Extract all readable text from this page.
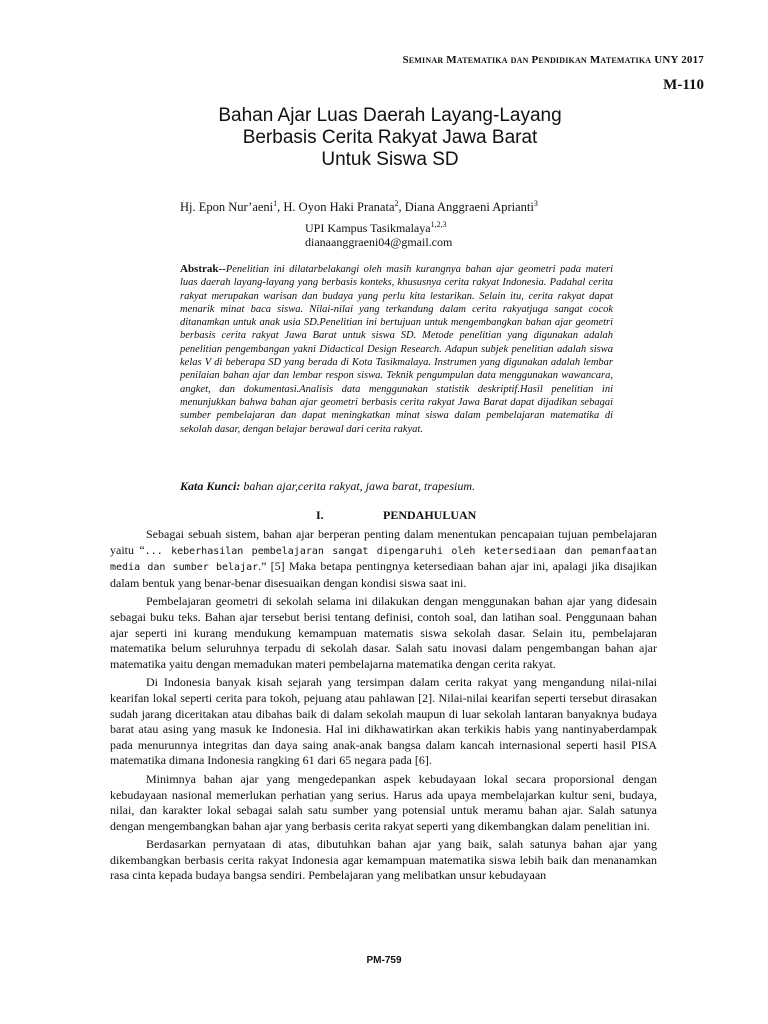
Seminar Matematika dan Pendidikan Matematika UNY 2017
M-110
Bahan Ajar Luas Daerah Layang-Layang
Berbasis Cerita Rakyat Jawa Barat
Untuk Siswa SD
Hj. Epon Nur’aeni$^1$, H. Oyon Haki Pranata$^2$, Diana Anggraeni Aprianti$^3$
UPI Kampus Tasikmalaya$^{1,2,3}$
dianaanggraeni04@gmail.com
Abstrak--Penelitian ini dilatarbelakangi oleh masih kurangnya bahan ajar geometri pada materi luas daerah layang-layang yang berbasis konteks, khususnya cerita rakyat Indonesia. Padahal cerita rakyat merupakan warisan dan budaya yang perlu kita lestarikan. Selain itu, cerita rakyat dapat menarik minat baca siswa. Nilai-nilai yang terkandung dalam cerita rakyatjuga sangat cocok ditanamkan untuk anak usia SD.Penelitian ini bertujuan untuk mengembangkan bahan ajar geometri berbasis cerita rakyat Jawa Barat untuk siswa SD. Metode penelitian yang digunakan adalah penelitian pengembangan yakni Didactical Design Research. Adapun subjek penelitian adalah siswa kelas V di beberapa SD yang berada di Kota Tasikmalaya. Instrumen yang digunakan adalah lembar penilaian bahan ajar dan lembar respon siswa. Teknik pengumpulan data menggunakan wawancara, angket, dan dokumentasi.Analisis data menggunakan statistik deskriptif.Hasil penelitian ini menunjukkan bahwa bahan ajar geometri berbasis cerita rakyat Jawa Barat dapat dijadikan sebagai sumber pembelajaran dan dapat meningkatkan minat siswa dalam pembelajaran matematika di sekolah dasar, dengan belajar berawal dari cerita rakyat.
Kata Kunci: bahan ajar,cerita rakyat, jawa barat, trapesium.
I.	PENDAHULUAN

Sebagai sebuah sistem, bahan ajar berperan penting dalam menentukan pencapaian tujuan pembelajaran yaitu “... keberhasilan pembelajaran sangat dipengaruhi oleh ketersediaan dan pemanfaatan media dan sumber belajar.” [5] Maka betapa pentingnya ketersediaan bahan ajar ini, apalagi jika disajikan dalam bentuk yang benar-benar disesuaikan dengan kondisi siswa saat ini.

Pembelajaran geometri di sekolah selama ini dilakukan dengan menggunakan bahan ajar yang didesain sebagai buku teks. Bahan ajar tersebut berisi tentang definisi, contoh soal, dan latihan soal. Penggunaan bahan ajar seperti ini kurang mendukung kemampuan matematis siswa sekolah dasar. Selain itu, pembelajaran matematika belum seluruhnya terpadu di sekolah dasar. Salah satu inovasi dalam pengembangan bahan ajar matematika yaitu dengan memadukan materi pembelajarna matematika dengan cerita rakyat.

Di Indonesia banyak kisah sejarah yang tersimpan dalam cerita rakyat yang mengandung nilai-nilai kearifan lokal seperti cerita para tokoh, pejuang atau pahlawan [2]. Nilai-nilai kearifan seperti tersebut dirasakan sudah jarang diceritakan atau dibahas baik di dalam sekolah maupun di luar sekolah lantaran banyaknya budaya barat atau asing yang masuk ke Indonesia. Hal ini dikhawatirkan akan terkikis habis yang nantinyaberdampak pada menurunnya integritas dan daya saing anak-anak bangsa dalam kancah internasional seperti hasil PISA matematika dimana Indonesia rangking 61 dari 65 negara pada [6].

Minimnya bahan ajar yang mengedepankan aspek kebudayaan lokal secara proporsional dengan kebudayaan nasional memerlukan perhatian yang serius. Harus ada upaya membelajarkan kultur seni, budaya, nilai, dan karakter lokal sebagai salah satu sumber yang potensial untuk meramu bahan ajar. Salah satunya dengan mengembangkan bahan ajar yang berbasis cerita rakyat seperti yang dikembangkan dalam penelitian ini.

Berdasarkan pernyataan di atas, dibutuhkan bahan ajar yang baik, salah satunya bahan ajar yang dikembangkan berbasis cerita rakyat Indonesia agar kemampuan matematika siswa lebih baik dan menanamkan rasa cinta kepada budaya bangsa sendiri. Pembelajaran yang melibatkan unsur kebudayaan

PM-759
